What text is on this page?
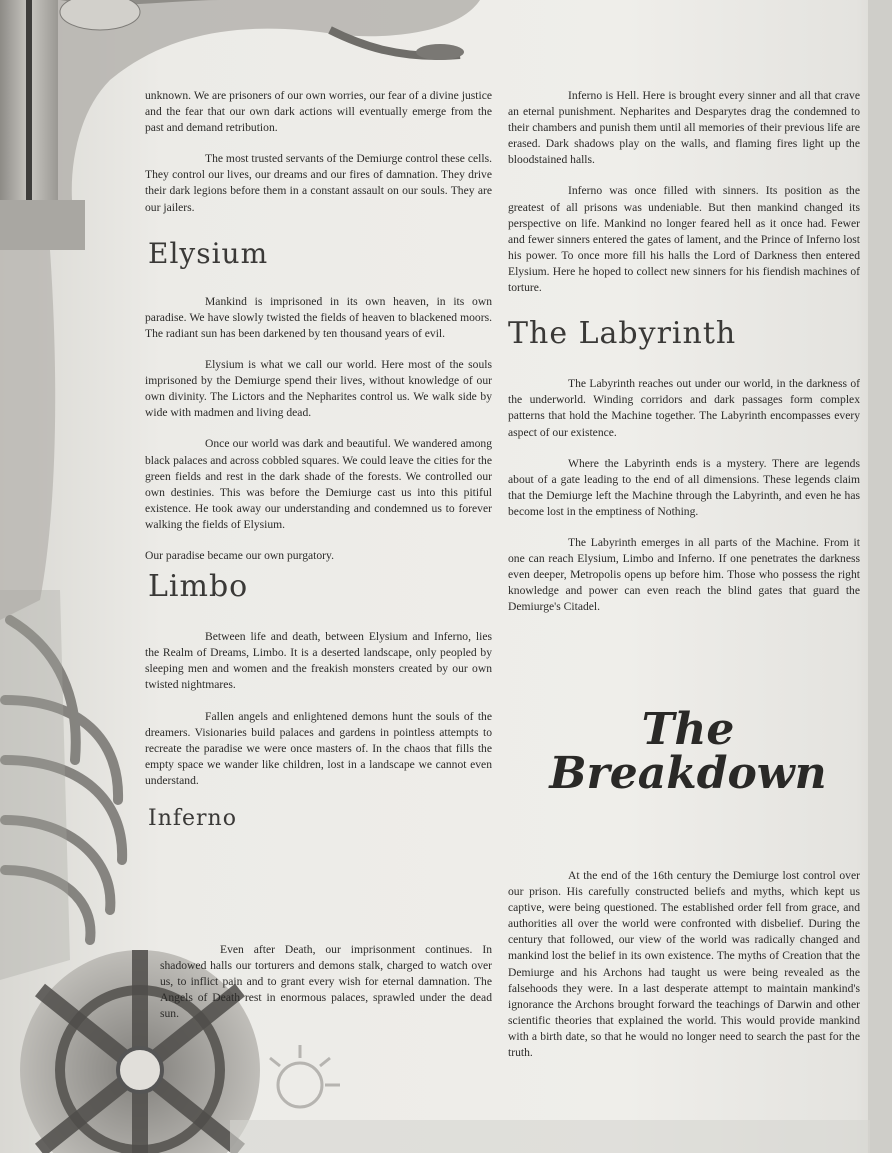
unknown. We are prisoners of our own worries, our fear of a divine justice and the fear that our own dark actions will eventually emerge from the past and demand retribution.

The most trusted servants of the Demiurge control these cells. They control our lives, our dreams and our fires of damnation. They drive their dark legions before them in a constant assault on our souls. They are our jailers.

Elysium

Mankind is imprisoned in its own heaven, in its own paradise. We have slowly twisted the fields of heaven to blackened moors. The radiant sun has been darkened by ten thousand years of evil.

Elysium is what we call our world. Here most of the souls imprisoned by the Demiurge spend their lives, without knowledge of our own divinity. The Lictors and the Nepharites control us. We walk side by wide with madmen and living dead.

Once our world was dark and beautiful. We wandered among black palaces and across cobbled squares. We could leave the cities for the green fields and rest in the dark shade of the forests. We controlled our own destinies. This was before the Demiurge cast us into this pitiful existence. He took away our understanding and condemned us to forever walking the fields of Elysium.

Our paradise became our own purgatory.

Limbo

Between life and death, between Elysium and Inferno, lies the Realm of Dreams, Limbo. It is a deserted landscape, only peopled by sleeping men and women and the freakish monsters created by our own twisted nightmares.

Fallen angels and enlightened demons hunt the souls of the dreamers. Visionaries build palaces and gardens in pointless attempts to recreate the paradise we were once masters of. In the chaos that fills the empty space we wander like children, lost in a landscape we cannot even understand.

Inferno

Even after Death, our imprisonment continues. In shadowed halls our torturers and demons stalk, charged to watch over us, to inflict pain and to grant every wish for eternal damnation. The Angels of Death rest in enormous palaces, sprawled under the dead sun.

Inferno is Hell. Here is brought every sinner and all that crave an eternal punishment. Nepharites and Desparytes drag the condemned to their chambers and punish them until all memories of their previous life are erased. Dark shadows play on the walls, and flaming fires light up the bloodstained halls.

Inferno was once filled with sinners. Its position as the greatest of all prisons was undeniable. But then mankind changed its perspective on life. Mankind no longer feared hell as it once had. Fewer and fewer sinners entered the gates of lament, and the Prince of Inferno lost his power. To once more fill his halls the Lord of Darkness then entered Elysium. Here he hoped to collect new sinners for his fiendish machines of torture.

The Labyrinth

The Labyrinth reaches out under our world, in the darkness of the underworld. Winding corridors and dark passages form complex patterns that hold the Machine together. The Labyrinth encompasses every aspect of our existence.

Where the Labyrinth ends is a mystery. There are legends about of a gate leading to the end of all dimensions. These legends claim that the Demiurge left the Machine through the Labyrinth, and even he has become lost in the emptiness of Nothing.

The Labyrinth emerges in all parts of the Machine. From it one can reach Elysium, Limbo and Inferno. If one penetrates the darkness even deeper, Metropolis opens up before him. Those who possess the right knowledge and power can even reach the blind gates that guard the Demiurge's Citadel.

The
Breakdown

At the end of the 16th century the Demiurge lost control over our prison. His carefully constructed beliefs and myths, which kept us captive, were being questioned. The established order fell from grace, and authorities all over the world were confronted with disbelief. During the century that followed, our view of the world was radically changed and mankind lost the belief in its own existence. The myths of Creation that the Demiurge and his Archons had taught us were being revealed as the falsehoods they were. In a last desperate attempt to maintain mankind's ignorance the Archons brought forward the teachings of Darwin and other scientific theories that explained the world. This would provide mankind with a birth date, so that he would no longer need to search the past for the truth.
